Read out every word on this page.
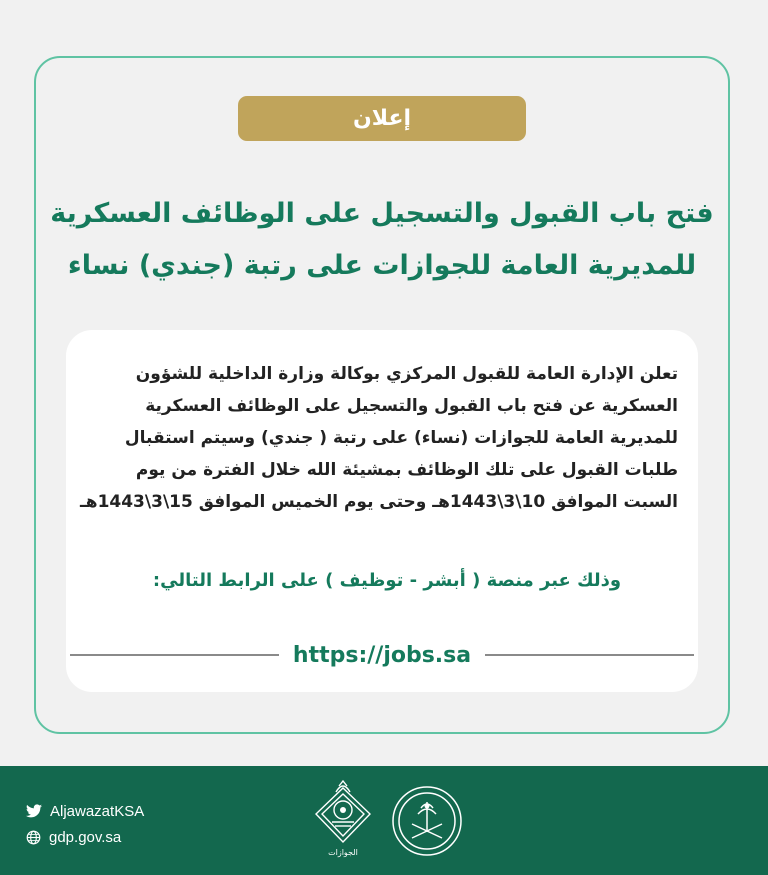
إعلان
فتح باب القبول والتسجيل على الوظائف العسكرية
للمديرية العامة للجوازات على رتبة (جندي) نساء
تعلن الإدارة العامة للقبول المركزي بوكالة وزارة الداخلية للشؤون
العسكرية عن فتح باب القبول والتسجيل على الوظائف العسكرية
للمديرية العامة للجوازات (نساء) على رتبة ( جندي) وسيتم استقبال
طلبات القبول على تلك الوظائف بمشيئة الله خلال الفترة من يوم
السبت الموافق 10\3\1443هـ وحتى يوم الخميس الموافق 15\3\1443هـ
وذلك عبر منصة ( أبشر - توظيف ) على الرابط التالي:
https://jobs.sa
AljawazatKSA
gdp.gov.sa
الجوازات
